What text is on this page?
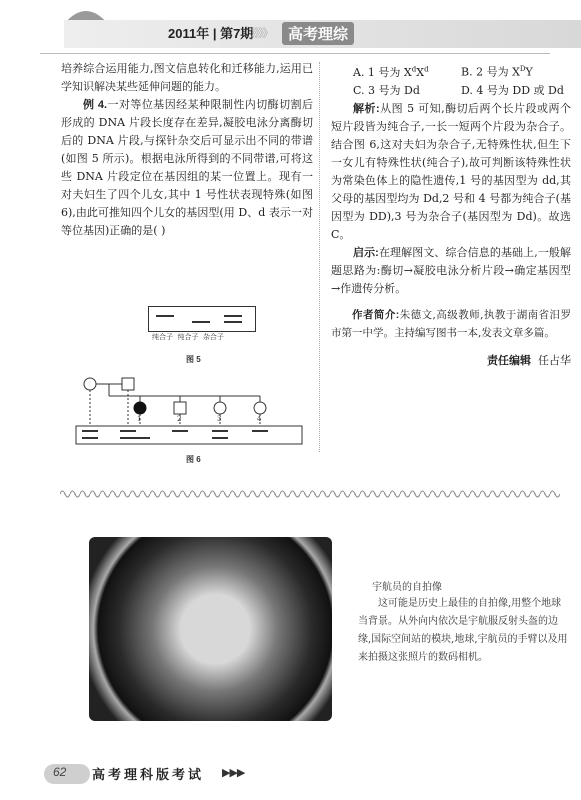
2011年 | 第7期
》》》》	高考理综

培养综合运用能力,图文信息转化和迁移能力,运用已学知识解决某些延伸问题的能力。

例 4.一对等位基因经某种限制性内切酶切割后形成的 DNA 片段长度存在差异,凝胶电泳分离酶切后的 DNA 片段,与探针杂交后可显示出不同的带谱(如图 5 所示)。根据电泳所得到的不同带谱,可将这些 DNA 片段定位在基因组的某一位置上。现有一对夫妇生了四个儿女,其中 1 号性状表现特殊(如图 6),由此可推知四个儿女的基因型(用 D、d 表示一对等位基因)正确的是( )

纯合子  纯合子  杂合子
图 5
1	2	3	4
图 6

A. 1 号为 $X^dX^d$	B. 2 号为 $X^DY$

C. 3 号为 Dd	D. 4 号为 DD 或 Dd

解析:从图 5 可知,酶切后两个长片段或两个短片段皆为纯合子,一长一短两个片段为杂合子。结合图 6,这对夫妇为杂合子,无特殊性状,但生下一女儿有特殊性状(纯合子),故可判断该特殊性状为常染色体上的隐性遗传,1 号的基因型为 dd,其父母的基因型均为 Dd,2 号和 4 号都为纯合子(基因型为 DD),3 号为杂合子(基因型为 Dd)。故选 C。

启示:在理解图文、综合信息的基础上,一般解题思路为:酶切→凝胶电泳分析片段→确定基因型→作遗传分析。

作者简介:朱德文,高级教师,执教于湖南省汨罗市第一中学。主持编写图书一本,发表文章多篇。

责任编辑 任占华

宇航员的自拍像
这可能是历史上最佳的自拍像,用整个地球当背景。从外向内依次是宇航服反射头盔的边缘,国际空间站的模块,地球,宇航员的手臂以及用来拍摄这张照片的数码相机。
62 高考理科版考试 ▶▶▶
